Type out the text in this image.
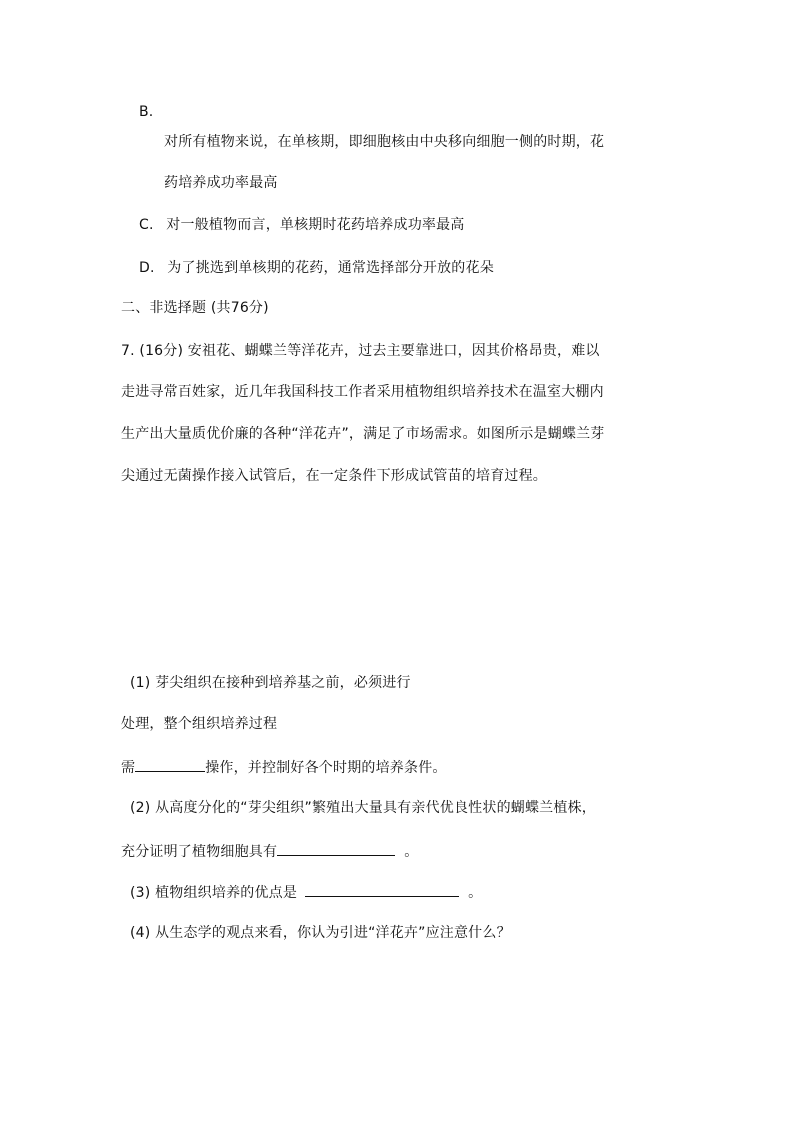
B.
对所有植物来说，在单核期，即细胞核由中央移向细胞一侧的时期，花
药培养成功率最高
C. 对一般植物而言，单核期时花药培养成功率最高
D. 为了挑选到单核期的花药，通常选择部分开放的花朵
二、非选择题 (共76分)
7. (16分) 安祖花、蝴蝶兰等洋花卉，过去主要靠进口，因其价格昂贵，难以
走进寻常百姓家，近几年我国科技工作者采用植物组织培养技术在温室大棚内
生产出大量质优价廉的各种“洋花卉”，满足了市场需求。如图所示是蝴蝶兰芽
尖通过无菌操作接入试管后，在一定条件下形成试管苗的培育过程。
(1) 芽尖组织在接种到培养基之前，必须进行
处理，整个组织培养过程
需	操作，并控制好各个时期的培养条件。
(2) 从高度分化的“芽尖组织”繁殖出大量具有亲代优良性状的蝴蝶兰植株，
充分证明了植物细胞具有	。
(3) 植物组织培养的优点是	。
(4) 从生态学的观点来看，你认为引进“洋花卉”应注意什么？
